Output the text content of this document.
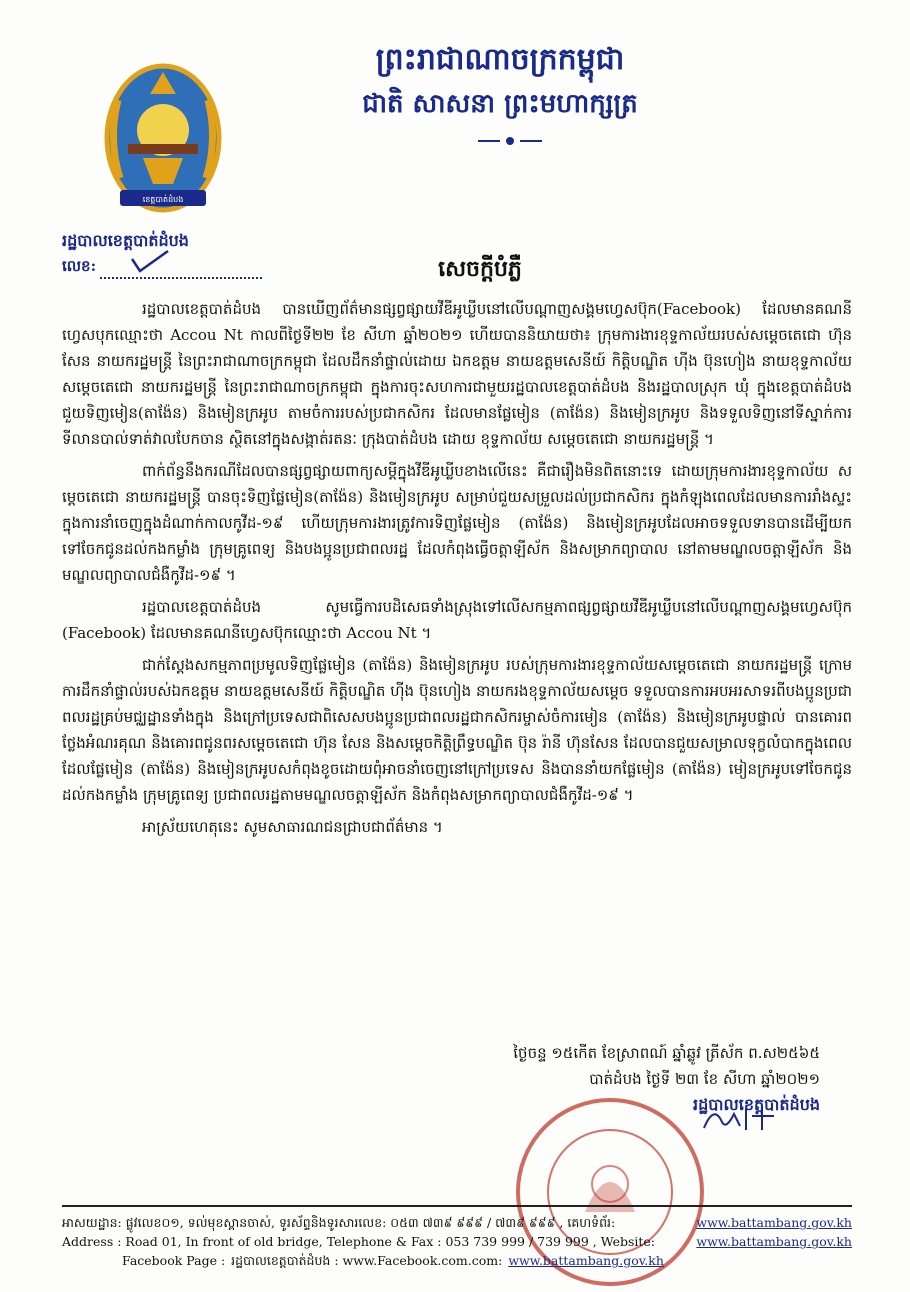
ព្រះរាជាណាចក្រកម្ពុជា
ជាតិ សាសនា ព្រះមហាក្សត្រ
ខេត្តបាត់ដំបង
រដ្ឋបាលខេត្តបាត់ដំបង
លេខ:	សេចក្តីបំភ្លឺ

រដ្ឋបាលខេត្តបាត់ដំបង បានឃើញព័ត៌មានផ្សព្វផ្សាយវីឌីអូឃ្លីបនៅលើបណ្តាញសង្គមហ្វេសប៊ុក(Facebook) ដែលមានគណនីហ្វេសបុកឈ្មោះថា Accou Nt កាលពីថ្ងៃទី២២ ខែ សីហា ឆ្នាំ២០២១ ហើយបាននិយាយថា៖ ក្រុមការងារខុទ្ទកាល័យរបស់សម្តេចតេជោ ហ៊ុន សែន នាយករដ្ឋមន្ត្រី នៃព្រះរាជាណាចក្រកម្ពុជា ដែលដឹកនាំផ្ទាល់ដោយ ឯកឧត្តម នាយឧត្តមសេនីយ៍ កិត្តិបណ្ឌិត ហ៊ីង ប៊ុនហៀង នាយខុទ្ទកាល័យ សម្តេចតេជោ នាយករដ្ឋមន្ត្រី នៃព្រះរាជាណាចក្រកម្ពុជា ក្នុងការចុះសហការជាមួយរដ្ឋបាលខេត្តបាត់ដំបង និងរដ្ឋបាលស្រុក ឃុំ ក្នុងខេត្តបាត់ដំបង ជួយទិញមៀន(តាង៉ែន) និងមៀនក្រអូប តាមចំការរបស់ប្រជាកសិករ ដែលមានផ្លែមៀន (តាង៉ែន) និងមៀនក្រអូប និងទទួលទិញនៅទីស្នាក់ការទីលានបាល់ទាត់វាលបែកចាន ស្ថិតនៅក្នុងសង្កាត់រតនៈ ក្រុងបាត់ដំបង ដោយ ខុទ្ទកាល័យ សម្តេចតេជោ នាយករដ្ឋមន្ត្រី ។

ពាក់ព័ន្ធនឹងករណីដែលបានផ្សព្វផ្សាយពាក្យសម្តីក្នុងវីឌីអូឃ្លីបខាងលើនេះ គឺជារឿងមិនពិតនោះទេ ដោយក្រុមការងារខុទ្ទកាល័យ សម្តេចតេជោ នាយករដ្ឋមន្ត្រី បានចុះទិញផ្លែមៀន(តាង៉ែន) និងមៀនក្រអូប សម្រាប់ជួយសម្រួលដល់ប្រជាកសិករ ក្នុងកំឡុងពេលដែលមានការរាំងស្ទះក្នុងការនាំចេញក្នុងដំណាក់កាលកូវីដ-១៩ ហើយក្រុមការងារត្រូវការទិញផ្លែមៀន (តាង៉ែន) និងមៀនក្រអូបដែលអាចទទួលទានបានដើម្បីយកទៅចែកជូនដល់កងកម្លាំង ក្រុមគ្រូពេទ្យ និងបងប្អូនប្រជាពលរដ្ឋ ដែលកំពុងធ្វើចត្តាឡីស័ក និងសម្រាកព្យាបាល នៅតាមមណ្ឌលចត្តាឡីស័ក និងមណ្ឌលព្យាបាលជំងឺកូវីដ-១៩ ។

រដ្ឋបាលខេត្តបាត់ដំបង សូមធ្វើការបដិសេធទាំងស្រុងទៅលើសកម្មភាពផ្សព្វផ្សាយវីឌីអូឃ្លីបនៅលើបណ្តាញសង្គមហ្វេសប៊ុក (Facebook) ដែលមានគណនីហ្វេសប៊ុកឈ្មោះថា Accou Nt ។

ជាក់ស្តែងសកម្មភាពប្រមូលទិញផ្លែមៀន (តាង៉ែន) និងមៀនក្រអូប របស់ក្រុមការងារខុទ្ទកាល័យសម្តេចតេជោ នាយករដ្ឋមន្ត្រី ក្រោមការដឹកនាំផ្ទាល់របស់ឯកឧត្តម នាយឧត្តមសេនីយ៍ កិត្តិបណ្ឌិត ហ៊ីង ប៊ុនហៀង នាយករងខុទ្ទកាល័យសម្តេច ទទួលបានការអបអរសាទរពីបងប្អូនប្រជាពលរដ្ឋគ្រប់មជ្ឈដ្ឋានទាំងក្នុង និងក្រៅប្រទេសជាពិសេសបងប្អូនប្រជាពលរដ្ឋជាកសិករម្ចាស់ចំការមៀន (តាង៉ែន) និងមៀនក្រអូបផ្ទាល់ បានគោរពថ្លែងអំណរគុណ និងគោរពជូនពរសម្តេចតេជោ ហ៊ុន សែន និងសម្តេចកិត្តិព្រឹទ្ធបណ្ឌិត ប៊ុន រ៉ានី ហ៊ុនសែន ដែលបានជួយសម្រាលទុក្ខលំបាកក្នុងពេលដែលផ្លែមៀន (តាង៉ែន) និងមៀនក្រអូបសកំពុងខូចដោយពុំអាចនាំចេញនៅក្រៅប្រទេស និងបាននាំយកផ្លែមៀន (តាង៉ែន) មៀនក្រអូបទៅចែកជូនដល់កងកម្លាំង ក្រុមគ្រូពេទ្យ ប្រជាពលរដ្ឋតាមមណ្ឌលចត្តាឡីស័ក និងកំពុងសម្រាកព្យាបាលជំងឺកូវីដ-១៩ ។

អាស្រ័យហេតុនេះ សូមសាធារណជនជ្រាបជាព័ត៌មាន ។

ថ្ងៃចន្ទ ១៥កើត ខែស្រាពណ៍ ឆ្នាំឆ្លូវ ត្រីស័ក ព.ស២៥៦៥
បាត់ដំបង ថ្ងៃទី ២៣ ខែ សីហា ឆ្នាំ២០២១
រដ្ឋបាលខេត្តបាត់ដំបង
អាសយដ្ឋាន: ផ្លូវលេខ០១, ទល់មុខស្ពានចាស់, ទូរស័ព្ទនិងទូរសារលេខ: ០៥៣ ៧៣៩ ៩៩៩ / ៧៣៩ ៩៩៩ , គេហទំព័រ:	www.battambang.gov.kh
Address : Road 01, In front of old bridge, Telephone & Fax : 053 739 999 / 739 999 , Website:	www.battambang.gov.kh
Facebook Page : រដ្ឋបាលខេត្តបាត់ដំបង : www.Facebook.com.com: www.battambang.gov.kh
